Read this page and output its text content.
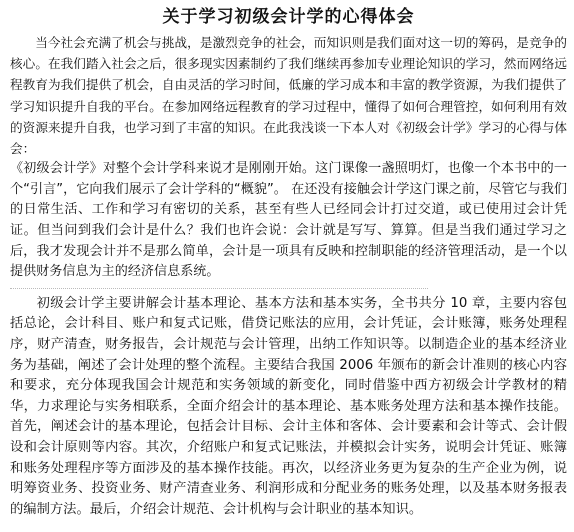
关于学习初级会计学的心得体会

当今社会充满了机会与挑战，是激烈竞争的社会，而知识则是我们面对这一切的筹码，是竞争的核心。在我们踏入社会之后，很多现实因素制约了我们继续再参加专业理论知识的学习，然而网络远程教育为我们提供了机会，自由灵活的学习时间，低廉的学习成本和丰富的教学资源，为我们提供了学习知识提升自我的平台。在参加网络远程教育的学习过程中，懂得了如何合理管控，如何利用有效的资源来提升自我，也学习到了丰富的知识。在此我浅谈一下本人对《初级会计学》学习的心得与体会：

《初级会计学》对整个会计学科来说才是刚刚开始。这门课像一盏照明灯，也像一个本书中的一个“引言”，它向我们展示了会计学科的“概貌”。 在还没有接触会计学这门课之前，尽管它与我们的日常生活、工作和学习有密切的关系，甚至有些人已经同会计打过交道，或已使用过会计凭证。但当问到我们会计是什么？我们也许会说：会计就是写写、算算。但是当我们通过学习之后，我才发现会计并不是那么简单，会计是一项具有反映和控制职能的经济管理活动，是一个以提供财务信息为主的经济信息系统。

初级会计学主要讲解会计基本理论、基本方法和基本实务，全书共分 10 章，主要内容包括总论，会计科目、账户和复式记账，借贷记账法的应用，会计凭证，会计账簿，账务处理程序，财产清查，财务报告，会计规范与会计管理，出纳工作知识等。以制造企业的基本经济业务为基础，阐述了会计处理的整个流程。主要结合我国 2006 年颁布的新会计准则的核心内容和要求，充分体现我国会计规范和实务领域的新变化，同时借鉴中西方初级会计学教材的精华，力求理论与实务相联系，全面介绍会计的基本理论、基本账务处理方法和基本操作技能。首先，阐述会计的基本理论，包括会计目标、会计主体和客体、会计要素和会计等式、会计假设和会计原则等内容。其次，介绍账户和复式记账法，并模拟会计实务，说明会计凭证、账簿和账务处理程序等方面涉及的基本操作技能。再次，以经济业务更为复杂的生产企业为例，说明筹资业务、投资业务、财产清查业务、利润形成和分配业务的账务处理，以及基本财务报表的编制方法。最后，介绍会计规范、会计机构与会计职业的基本知识。
